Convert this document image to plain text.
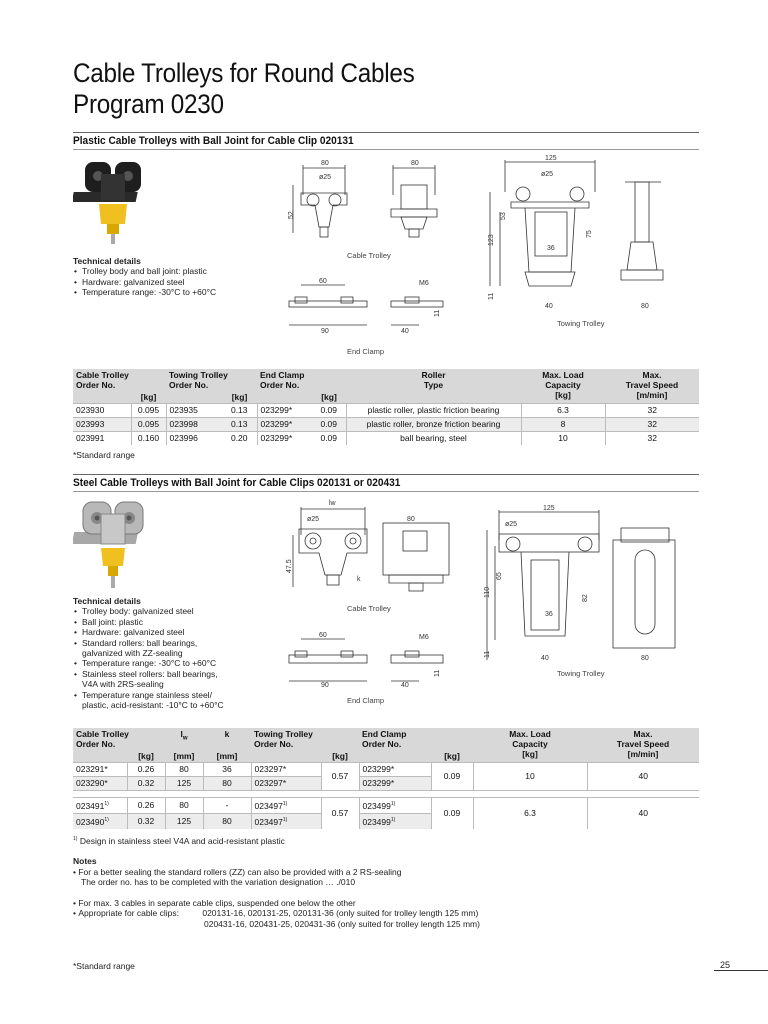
Cable Trolleys for Round Cables
Program 0230
Plastic Cable Trolleys with Ball Joint for Cable Clip 020131
Technical details
• Trolley body and ball joint: plastic
• Hardware: galvanized steel
• Temperature range: -30°C to +60°C
80
ø25
52
80
Cable Trolley
125
ø25
53
123
75
36
11
40	80
Towing Trolley
60
90
M6
40
11
End Clamp
Cable Trolley
Order No.		Towing Trolley
Order No.		End Clamp
Order No.		Roller
Type	Max. Load
Capacity
[kg]	Max.
Travel Speed
[m/min]
	[kg]		[kg]		[kg]			
023930	0.095	023935	0.13	023299*	0.09	plastic roller, plastic friction bearing	6.3	32
023993	0.095	023998	0.13	023299*	0.09	plastic roller, bronze friction bearing	8	32
023991	0.160	023996	0.20	023299*	0.09	ball bearing, steel	10	32
*Standard range
Steel Cable Trolleys with Ball Joint for Cable Clips 020131 or 020431
Technical details
• Trolley body: galvanized steel
• Ball joint: plastic
• Hardware: galvanized steel
• Standard rollers: ball bearings,
galvanized with ZZ-sealing
• Temperature range: -30°C to +60°C
• Stainless steel rollers: ball bearings,
V4A with 2RS-sealing
• Temperature range stainless steel/
plastic, acid-resistant: -10°C to +60°C
lw
ø25	80
47.5
k
Cable Trolley
125
ø25
65
110
82
36
11
40	80
Towing Trolley
60
90
M6
40
11
End Clamp
Cable Trolley
Order No.		$l_w$	k	Towing Trolley
Order No.		End Clamp
Order No.		Max. Load
Capacity
[kg]	Max.
Travel Speed
[m/min]
	[kg]	[mm]	[mm]		[kg]		[kg]		
023291*	0.26	80	36	023297*	0.57	023299*	0.09	10	40
023290*	0.32	125	80	023297*		023299*			

023491$^{1)}$	0.26	80	-	023497$^{1)}$	0.57	023499$^{1)}$	0.09	6.3	40
023490$^{1)}$	0.32	125	80	023497$^{1)}$		023499$^{1)}$
$^{1)}$ Design in stainless steel V4A and acid-resistant plastic
Notes
• For a better sealing the standard rollers (ZZ) can also be provided with a 2 RS-sealing
The order no. has to be completed with the variation designation … ./010
• For max. 3 cables in separate cable clips, suspended one below the other
• Appropriate for cable clips:	020131-16, 020131-25, 020131-36 (only suited for trolley length 125 mm)
020431-16, 020431-25, 020431-36 (only suited for trolley length 125 mm)
*Standard range	25
